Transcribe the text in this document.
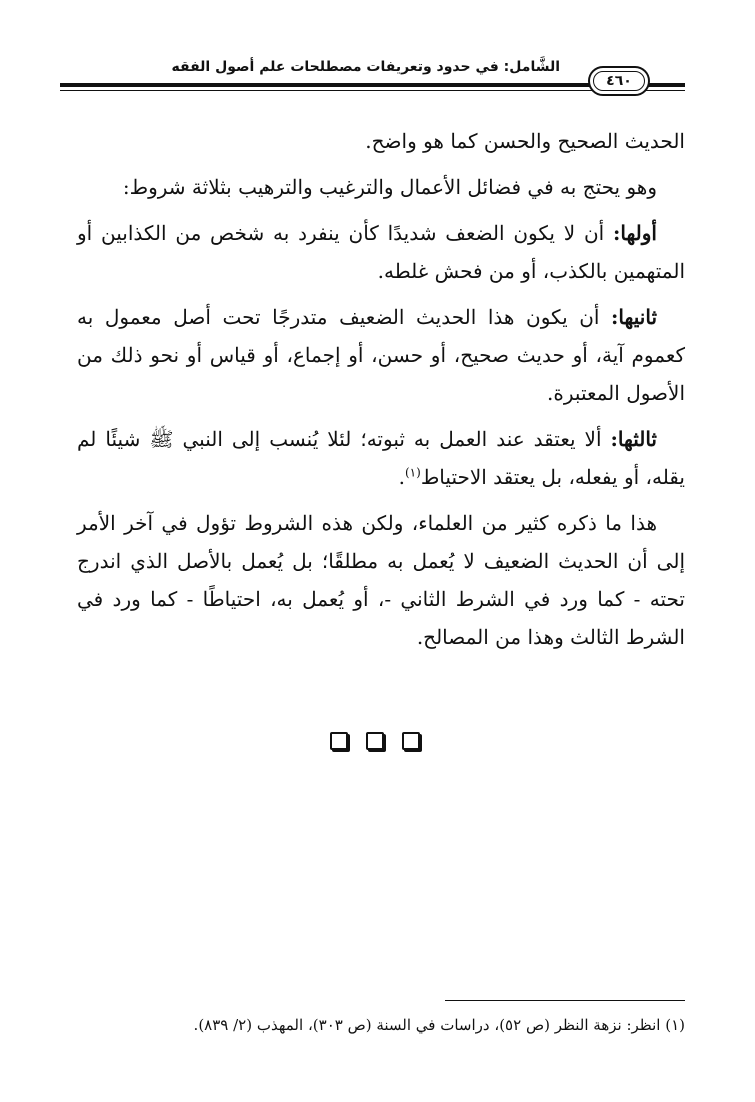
الشَّامل: في حدود وتعريفات مصطلحات علم أصول الفقه
٤٦٠

الحديث الصحيح والحسن كما هو واضح.

وهو يحتج به في فضائل الأعمال والترغيب والترهيب بثلاثة شروط:

أولها: أن لا يكون الضعف شديدًا كأن ينفرد به شخص من الكذابين أو المتهمين بالكذب، أو من فحش غلطه.

ثانيها: أن يكون هذا الحديث الضعيف متدرجًا تحت أصل معمول به كعموم آية، أو حديث صحيح، أو حسن، أو إجماع، أو قياس أو نحو ذلك من الأصول المعتبرة.

ثالثها: ألا يعتقد عند العمل به ثبوته؛ لئلا يُنسب إلى النبي ﷺ شيئًا لم يقله، أو يفعله، بل يعتقد الاحتياط$^{(١)}$.

هذا ما ذكره كثير من العلماء، ولكن هذه الشروط تؤول في آخر الأمر إلى أن الحديث الضعيف لا يُعمل به مطلقًا؛ بل يُعمل بالأصل الذي اندرج تحته - كما ورد في الشرط الثاني -، أو يُعمل به، احتياطًا - كما ورد في الشرط الثالث وهذا من المصالح.

(١) انظر: نزهة النظر (ص ٥٢)، دراسات في السنة (ص ٣٠٣)، المهذب (٢/ ٨٣٩).
